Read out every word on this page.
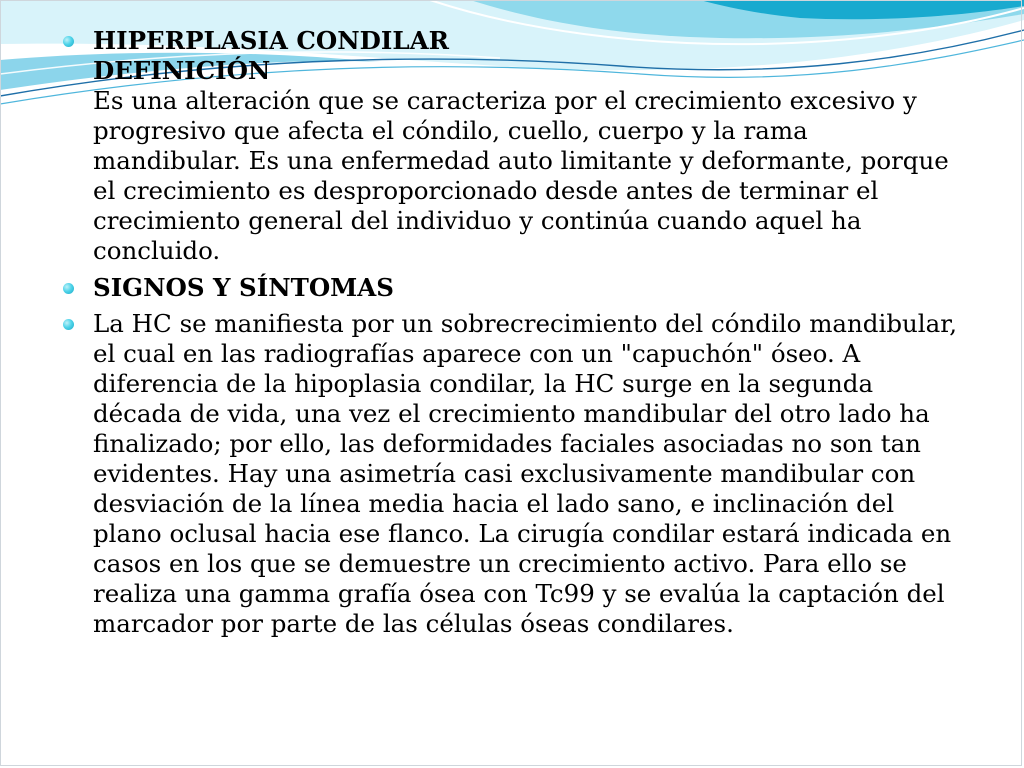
HIPERPLASIA CONDILAR
DEFINICIÓN
Es una alteración que se caracteriza por el crecimiento excesivo y progresivo que afecta el cóndilo, cuello, cuerpo y la rama mandibular. Es una enfermedad auto limitante y deformante, porque el crecimiento es desproporcionado desde antes de terminar el crecimiento general del individuo y continúa cuando aquel ha concluido.
SIGNOS Y SÍNTOMAS
La HC se manifiesta por un sobrecrecimiento del cóndilo mandibular, el cual en las radiografías aparece con un "capuchón" óseo. A diferencia de la hipoplasia condilar, la HC surge en la segunda década de vida, una vez el crecimiento mandibular del otro lado ha finalizado; por ello, las deformidades faciales asociadas no son tan evidentes. Hay una asimetría casi exclusivamente mandibular con desviación de la línea media hacia el lado sano, e inclinación del plano oclusal hacia ese flanco. La cirugía condilar estará indicada en casos en los que se demuestre un crecimiento activo. Para ello se realiza una gamma grafía ósea con Tc99 y se evalúa la captación del marcador por parte de las células óseas condilares.
